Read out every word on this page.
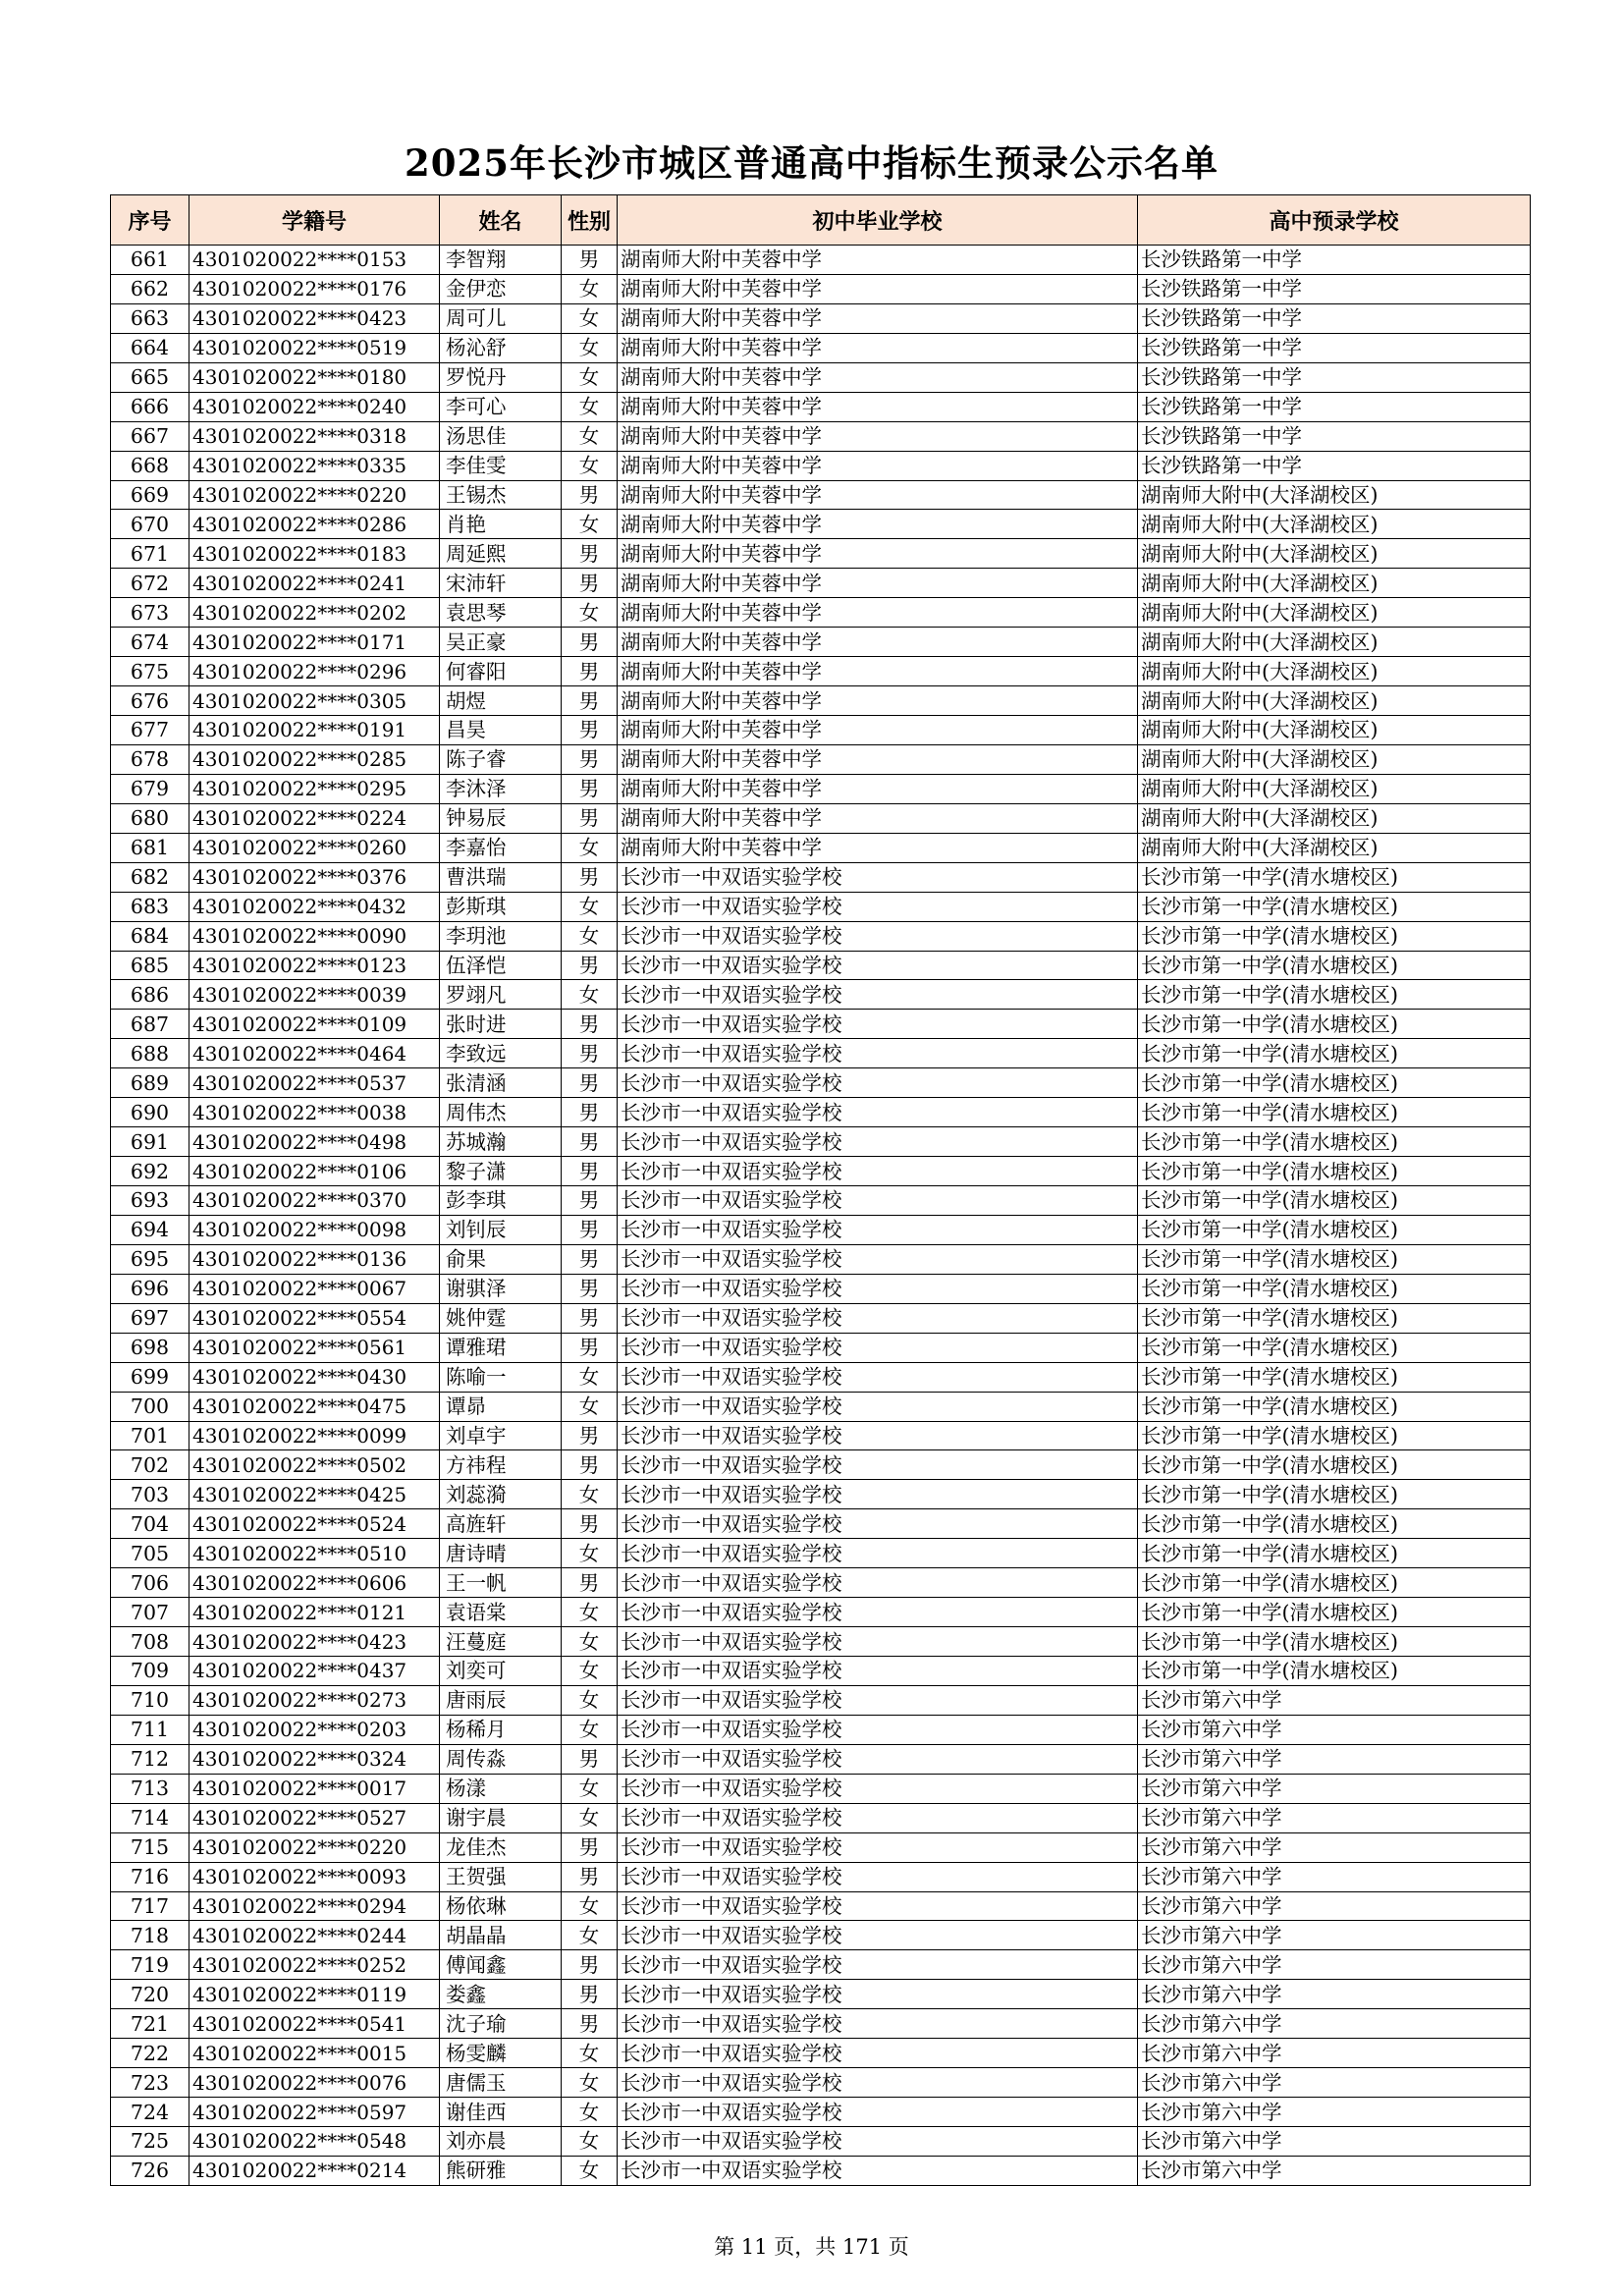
2025年长沙市城区普通高中指标生预录公示名单
序号	学籍号	姓名	性别	初中毕业学校	高中预录学校
661	4301020022****0153	李智翔	男	湖南师大附中芙蓉中学	长沙铁路第一中学
662	4301020022****0176	金伊恋	女	湖南师大附中芙蓉中学	长沙铁路第一中学
663	4301020022****0423	周可儿	女	湖南师大附中芙蓉中学	长沙铁路第一中学
664	4301020022****0519	杨沁舒	女	湖南师大附中芙蓉中学	长沙铁路第一中学
665	4301020022****0180	罗悦丹	女	湖南师大附中芙蓉中学	长沙铁路第一中学
666	4301020022****0240	李可心	女	湖南师大附中芙蓉中学	长沙铁路第一中学
667	4301020022****0318	汤思佳	女	湖南师大附中芙蓉中学	长沙铁路第一中学
668	4301020022****0335	李佳雯	女	湖南师大附中芙蓉中学	长沙铁路第一中学
669	4301020022****0220	王锡杰	男	湖南师大附中芙蓉中学	湖南师大附中(大泽湖校区)
670	4301020022****0286	肖艳	女	湖南师大附中芙蓉中学	湖南师大附中(大泽湖校区)
671	4301020022****0183	周延熙	男	湖南师大附中芙蓉中学	湖南师大附中(大泽湖校区)
672	4301020022****0241	宋沛轩	男	湖南师大附中芙蓉中学	湖南师大附中(大泽湖校区)
673	4301020022****0202	袁思琴	女	湖南师大附中芙蓉中学	湖南师大附中(大泽湖校区)
674	4301020022****0171	吴正豪	男	湖南师大附中芙蓉中学	湖南师大附中(大泽湖校区)
675	4301020022****0296	何睿阳	男	湖南师大附中芙蓉中学	湖南师大附中(大泽湖校区)
676	4301020022****0305	胡煜	男	湖南师大附中芙蓉中学	湖南师大附中(大泽湖校区)
677	4301020022****0191	昌昊	男	湖南师大附中芙蓉中学	湖南师大附中(大泽湖校区)
678	4301020022****0285	陈子睿	男	湖南师大附中芙蓉中学	湖南师大附中(大泽湖校区)
679	4301020022****0295	李沐泽	男	湖南师大附中芙蓉中学	湖南师大附中(大泽湖校区)
680	4301020022****0224	钟易辰	男	湖南师大附中芙蓉中学	湖南师大附中(大泽湖校区)
681	4301020022****0260	李嘉怡	女	湖南师大附中芙蓉中学	湖南师大附中(大泽湖校区)
682	4301020022****0376	曹洪瑞	男	长沙市一中双语实验学校	长沙市第一中学(清水塘校区)
683	4301020022****0432	彭斯琪	女	长沙市一中双语实验学校	长沙市第一中学(清水塘校区)
684	4301020022****0090	李玥池	女	长沙市一中双语实验学校	长沙市第一中学(清水塘校区)
685	4301020022****0123	伍泽恺	男	长沙市一中双语实验学校	长沙市第一中学(清水塘校区)
686	4301020022****0039	罗翊凡	女	长沙市一中双语实验学校	长沙市第一中学(清水塘校区)
687	4301020022****0109	张时进	男	长沙市一中双语实验学校	长沙市第一中学(清水塘校区)
688	4301020022****0464	李致远	男	长沙市一中双语实验学校	长沙市第一中学(清水塘校区)
689	4301020022****0537	张清涵	男	长沙市一中双语实验学校	长沙市第一中学(清水塘校区)
690	4301020022****0038	周伟杰	男	长沙市一中双语实验学校	长沙市第一中学(清水塘校区)
691	4301020022****0498	苏城瀚	男	长沙市一中双语实验学校	长沙市第一中学(清水塘校区)
692	4301020022****0106	黎子潇	男	长沙市一中双语实验学校	长沙市第一中学(清水塘校区)
693	4301020022****0370	彭李琪	男	长沙市一中双语实验学校	长沙市第一中学(清水塘校区)
694	4301020022****0098	刘钊辰	男	长沙市一中双语实验学校	长沙市第一中学(清水塘校区)
695	4301020022****0136	俞果	男	长沙市一中双语实验学校	长沙市第一中学(清水塘校区)
696	4301020022****0067	谢骐泽	男	长沙市一中双语实验学校	长沙市第一中学(清水塘校区)
697	4301020022****0554	姚仲霆	男	长沙市一中双语实验学校	长沙市第一中学(清水塘校区)
698	4301020022****0561	谭雅珺	男	长沙市一中双语实验学校	长沙市第一中学(清水塘校区)
699	4301020022****0430	陈喻一	女	长沙市一中双语实验学校	长沙市第一中学(清水塘校区)
700	4301020022****0475	谭昴	女	长沙市一中双语实验学校	长沙市第一中学(清水塘校区)
701	4301020022****0099	刘卓宇	男	长沙市一中双语实验学校	长沙市第一中学(清水塘校区)
702	4301020022****0502	方祎程	男	长沙市一中双语实验学校	长沙市第一中学(清水塘校区)
703	4301020022****0425	刘蕊漪	女	长沙市一中双语实验学校	长沙市第一中学(清水塘校区)
704	4301020022****0524	高旌轩	男	长沙市一中双语实验学校	长沙市第一中学(清水塘校区)
705	4301020022****0510	唐诗晴	女	长沙市一中双语实验学校	长沙市第一中学(清水塘校区)
706	4301020022****0606	王一帆	男	长沙市一中双语实验学校	长沙市第一中学(清水塘校区)
707	4301020022****0121	袁语棠	女	长沙市一中双语实验学校	长沙市第一中学(清水塘校区)
708	4301020022****0423	汪蔓庭	女	长沙市一中双语实验学校	长沙市第一中学(清水塘校区)
709	4301020022****0437	刘奕可	女	长沙市一中双语实验学校	长沙市第一中学(清水塘校区)
710	4301020022****0273	唐雨辰	女	长沙市一中双语实验学校	长沙市第六中学
711	4301020022****0203	杨稀月	女	长沙市一中双语实验学校	长沙市第六中学
712	4301020022****0324	周传淼	男	长沙市一中双语实验学校	长沙市第六中学
713	4301020022****0017	杨漾	女	长沙市一中双语实验学校	长沙市第六中学
714	4301020022****0527	谢宇晨	女	长沙市一中双语实验学校	长沙市第六中学
715	4301020022****0220	龙佳杰	男	长沙市一中双语实验学校	长沙市第六中学
716	4301020022****0093	王贺强	男	长沙市一中双语实验学校	长沙市第六中学
717	4301020022****0294	杨依琳	女	长沙市一中双语实验学校	长沙市第六中学
718	4301020022****0244	胡晶晶	女	长沙市一中双语实验学校	长沙市第六中学
719	4301020022****0252	傅闻鑫	男	长沙市一中双语实验学校	长沙市第六中学
720	4301020022****0119	娄鑫	男	长沙市一中双语实验学校	长沙市第六中学
721	4301020022****0541	沈子瑜	男	长沙市一中双语实验学校	长沙市第六中学
722	4301020022****0015	杨雯麟	女	长沙市一中双语实验学校	长沙市第六中学
723	4301020022****0076	唐儒玉	女	长沙市一中双语实验学校	长沙市第六中学
724	4301020022****0597	谢佳西	女	长沙市一中双语实验学校	长沙市第六中学
725	4301020022****0548	刘亦晨	女	长沙市一中双语实验学校	长沙市第六中学
726	4301020022****0214	熊研雅	女	长沙市一中双语实验学校	长沙市第六中学
第 11 页，共 171 页
